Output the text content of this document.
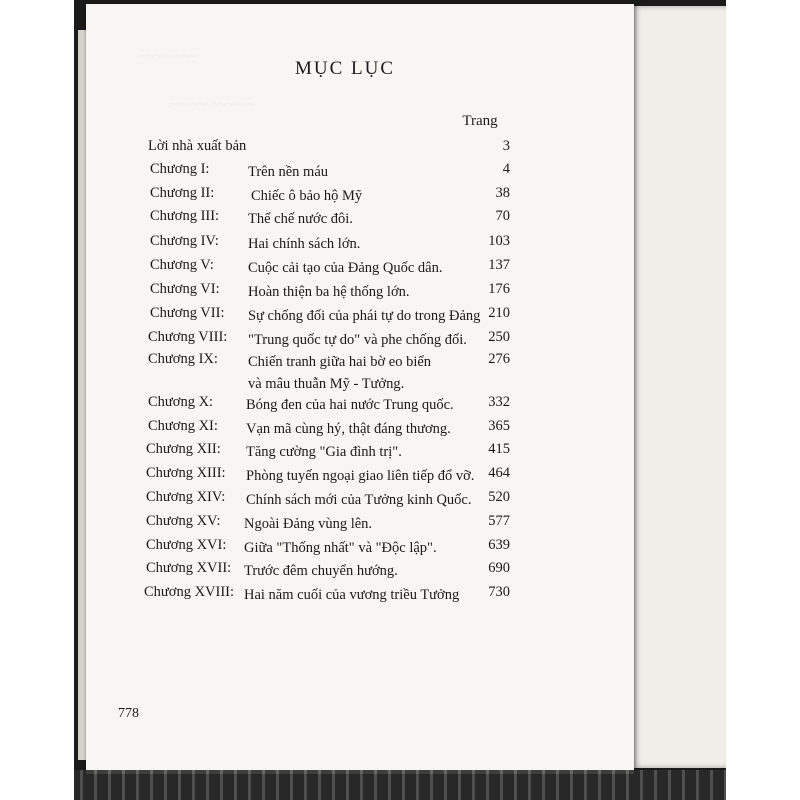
~~~~~~~~
~~~~~~~~~~~~
MỤC LỤC
Trang
Lời nhà xuất bản	3
Chương I:	Trên nền máu	4
Chương II:	Chiếc ô bảo hộ Mỹ	38
Chương III: Thể chế nước đôi.	70
Chương IV: Hai chính sách lớn.	103
Chương V: Cuộc cải tạo của Đảng Quốc dân.	137
Chương VI: Hoàn thiện ba hệ thống lớn.	176
Chương VII: Sự chống đối của phái tự do trong Đảng 210
Chương VIII: "Trung quốc tự do" và phe chống đối.	250
Chương IX: Chiến tranh giữa hai bờ eo biển và mâu thuẫn Mỹ - Tưởng.
276
Chương X: Bóng đen của hai nước Trung quốc.	332
Chương XI: Vạn mã cùng hý, thật đáng thương.	365
Chương XII: Tăng cường "Gia đình trị".	415
Chương XIII: Phòng tuyến ngoại giao liên tiếp đổ vỡ. 464
Chương XIV: Chính sách mới của Tưởng kinh Quốc.	520
Chương XV: Ngoài Đảng vùng lên.	577
Chương XVI: Giữa "Thống nhất" và "Độc lập".	639
Chương XVII: Trước đêm chuyển hướng.	690
Chương XVIII: Hai năm cuối của vương triều Tưởng	730
778
